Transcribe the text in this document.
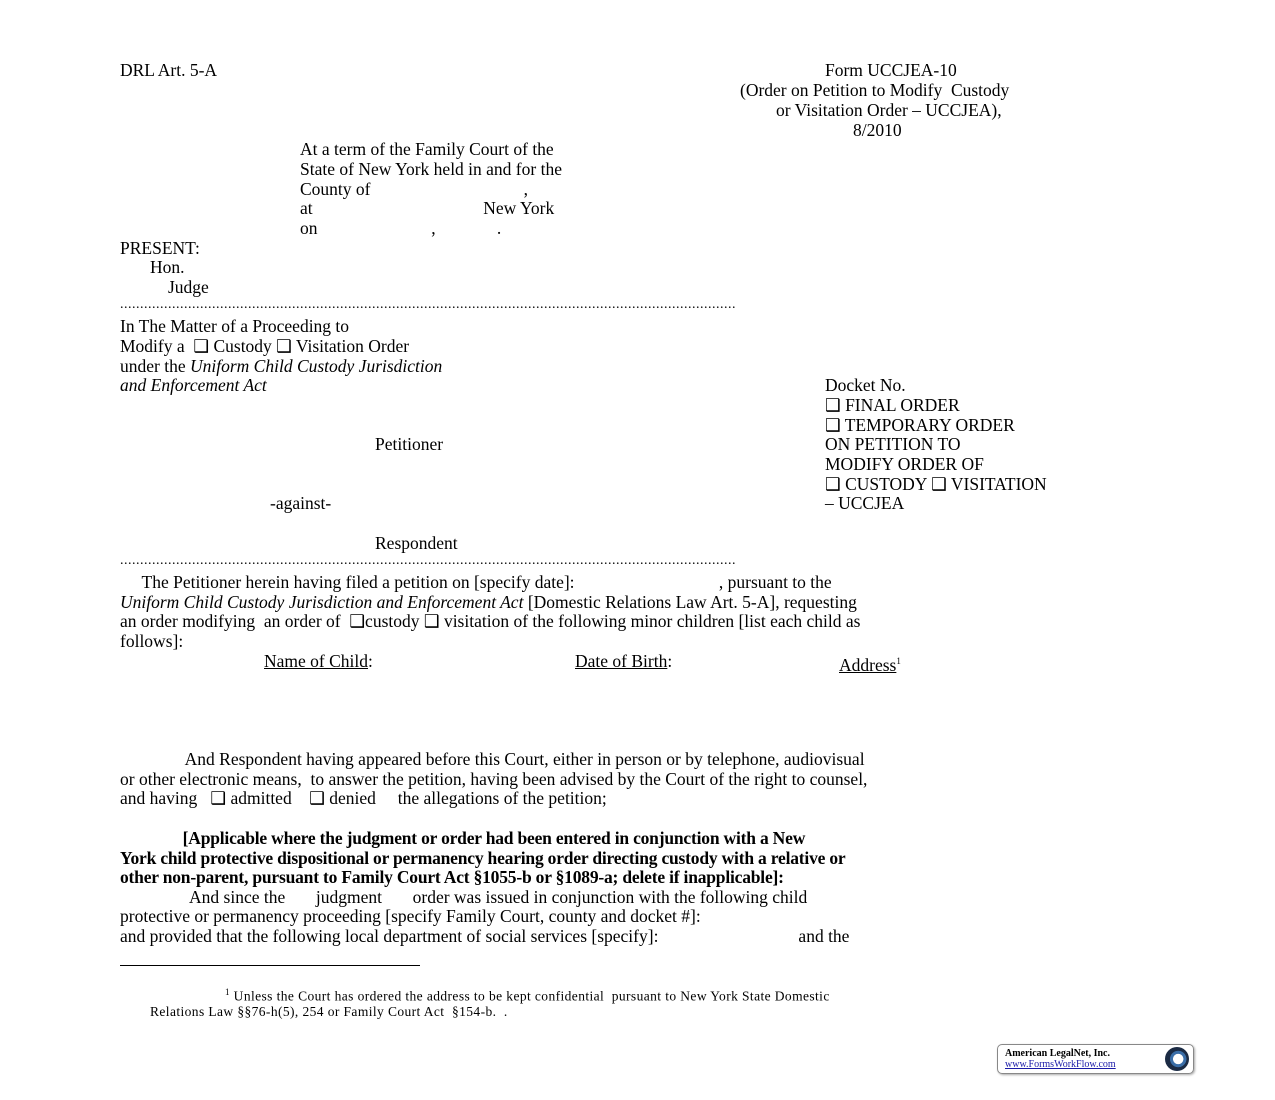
DRL Art. 5-A	Form UCCJEA-10
(Order on Petition to Modify  Custody
or Visitation Order – UCCJEA),
8/2010
At a term of the Family Court of the
State of New York held in and for the
County of                                   ,
at                                       New York
on                          ,              .
PRESENT:
Hon.
Judge
..........................................................................................................................................................
In The Matter of a Proceeding to
Modify a  ❑ Custody ❑ Visitation Order
under the Uniform Child Custody Jurisdiction
and Enforcement Act
Petitioner
-against-
Respondent
Docket No.
❑ FINAL ORDER
❑ TEMPORARY ORDER
ON PETITION TO
MODIFY ORDER OF
❑ CUSTODY ❑ VISITATION
– UCCJEA
..........................................................................................................................................................
The Petitioner herein having filed a petition on [specify date]:                                 , pursuant to the
Uniform Child Custody Jurisdiction and Enforcement Act [Domestic Relations Law Art. 5-A], requesting
an order modifying  an order of  ❑custody ❑ visitation of the following minor children [list each child as
follows]:
Name of Child:	Date of Birth:	Address$^1$
And Respondent having appeared before this Court, either in person or by telephone, audiovisual
or other electronic means,  to answer the petition, having been advised by the Court of the right to counsel,
and having   ❑ admitted    ❑ denied     the allegations of the petition;
[Applicable where the judgment or order had been entered in conjunction with a New
York child protective dispositional or permanency hearing order directing custody with a relative or
other non-parent, pursuant to Family Court Act §1055-b or §1089-a; delete if inapplicable]:
And since the       judgment       order was issued in conjunction with the following child
protective or permanency proceeding [specify Family Court, county and docket #]:
and provided that the following local department of social services [specify]:                                and the
$^1$ Unless the Court has ordered the address to be kept confidential  pursuant to New York State Domestic
Relations Law §§76-h(5), 254 or Family Court Act  §154-b.  .
American LegalNet, Inc.
www.FormsWorkFlow.com
